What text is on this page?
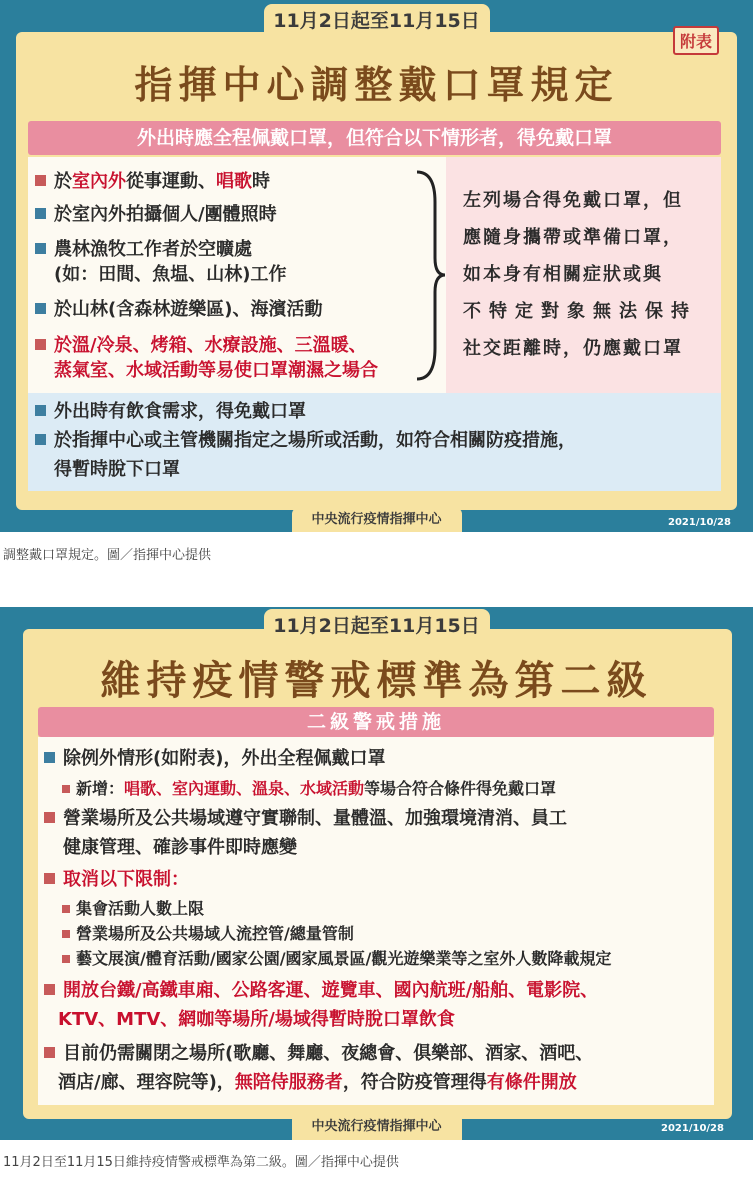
11月2日起至11月15日
附表
指揮中心調整戴口罩規定
外出時應全程佩戴口罩，但符合以下情形者，得免戴口罩
於室內外從事運動、唱歌時
於室內外拍攝個人/團體照時
農林漁牧工作者於空曠處
(如：田間、魚塭、山林)工作
於山林(含森林遊樂區)、海濱活動
於溫/冷泉、烤箱、水療設施、三溫暖、
蒸氣室、水域活動等易使口罩潮濕之場合
左列場合得免戴口罩，但
應隨身攜帶或準備口罩，
如本身有相關症狀或與
不特定對象無法保持
社交距離時，仍應戴口罩
外出時有飲食需求，得免戴口罩
於指揮中心或主管機關指定之場所或活動，如符合相關防疫措施，
得暫時脫下口罩
中央流行疫情指揮中心	2021/10/28
調整戴口罩規定。圖／指揮中心提供
11月2日起至11月15日
維持疫情警戒標準為第二級
二級警戒措施
除例外情形(如附表)，外出全程佩戴口罩
新增：唱歌、室內運動、溫泉、水域活動等場合符合條件得免戴口罩
營業場所及公共場域遵守實聯制、量體溫、加強環境清消、員工
健康管理、確診事件即時應變
取消以下限制：
集會活動人數上限
營業場所及公共場域人流控管/總量管制
藝文展演/體育活動/國家公園/國家風景區/觀光遊樂業等之室外人數降載規定
開放台鐵/高鐵車廂、公路客運、遊覽車、國內航班/船舶、電影院、
KTV、MTV、網咖等場所/場域得暫時脫口罩飲食
目前仍需關閉之場所(歌廳、舞廳、夜總會、俱樂部、酒家、酒吧、
酒店/廊、理容院等)，無陪侍服務者，符合防疫管理得有條件開放
中央流行疫情指揮中心	2021/10/28
11月2日至11月15日維持疫情警戒標準為第二級。圖／指揮中心提供
